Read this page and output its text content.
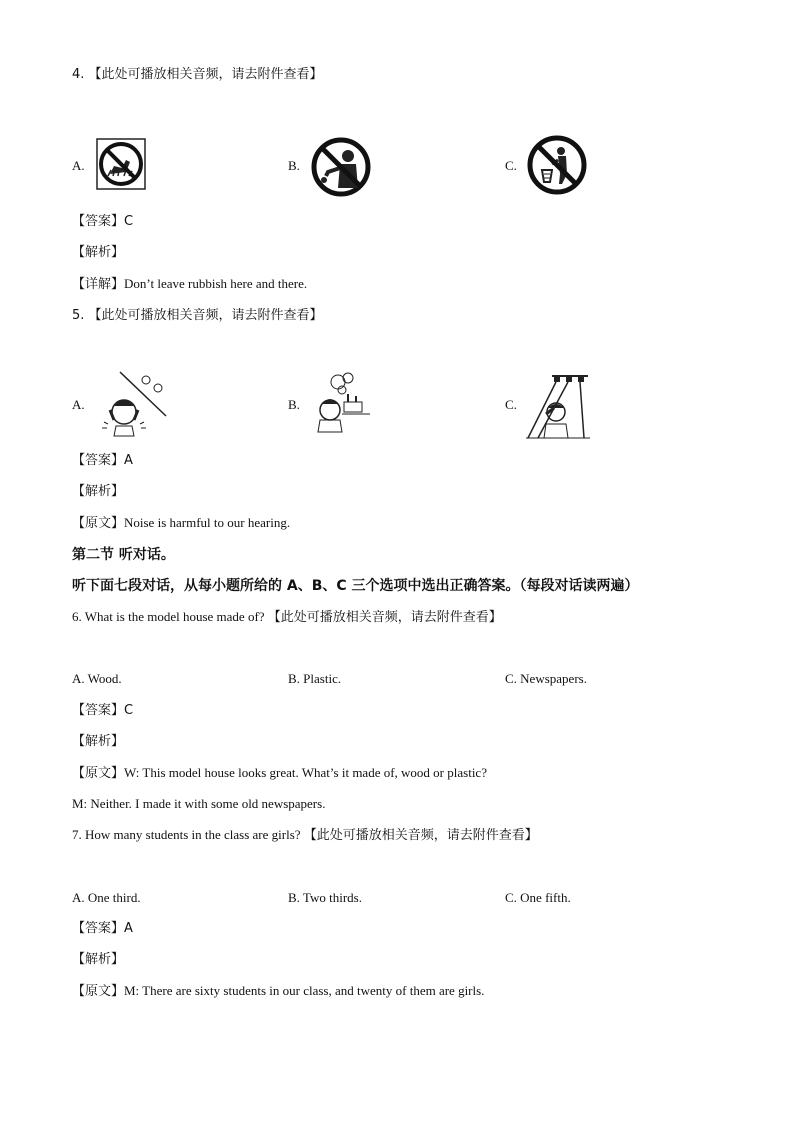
4. 【此处可播放相关音频，请去附件查看】
A.	B.	C.
【答案】C
【解析】
【详解】Don’t leave rubbish here and there.
5. 【此处可播放相关音频，请去附件查看】
A.	B.	C.
【答案】A
【解析】
【原文】Noise is harmful to our hearing.
第二节 听对话。
听下面七段对话，从每小题所给的 A、B、C 三个选项中选出正确答案。（每段对话读两遍）
6. What is the model house made of? 【此处可播放相关音频，请去附件查看】
A. Wood.	B. Plastic.	C. Newspapers.
【答案】C
【解析】
【原文】W: This model house looks great. What’s it made of, wood or plastic?
M: Neither. I made it with some old newspapers.
7. How many students in the class are girls? 【此处可播放相关音频，请去附件查看】
A. One third.	B. Two thirds.	C. One fifth.
【答案】A
【解析】
【原文】M: There are sixty students in our class, and twenty of them are girls.
